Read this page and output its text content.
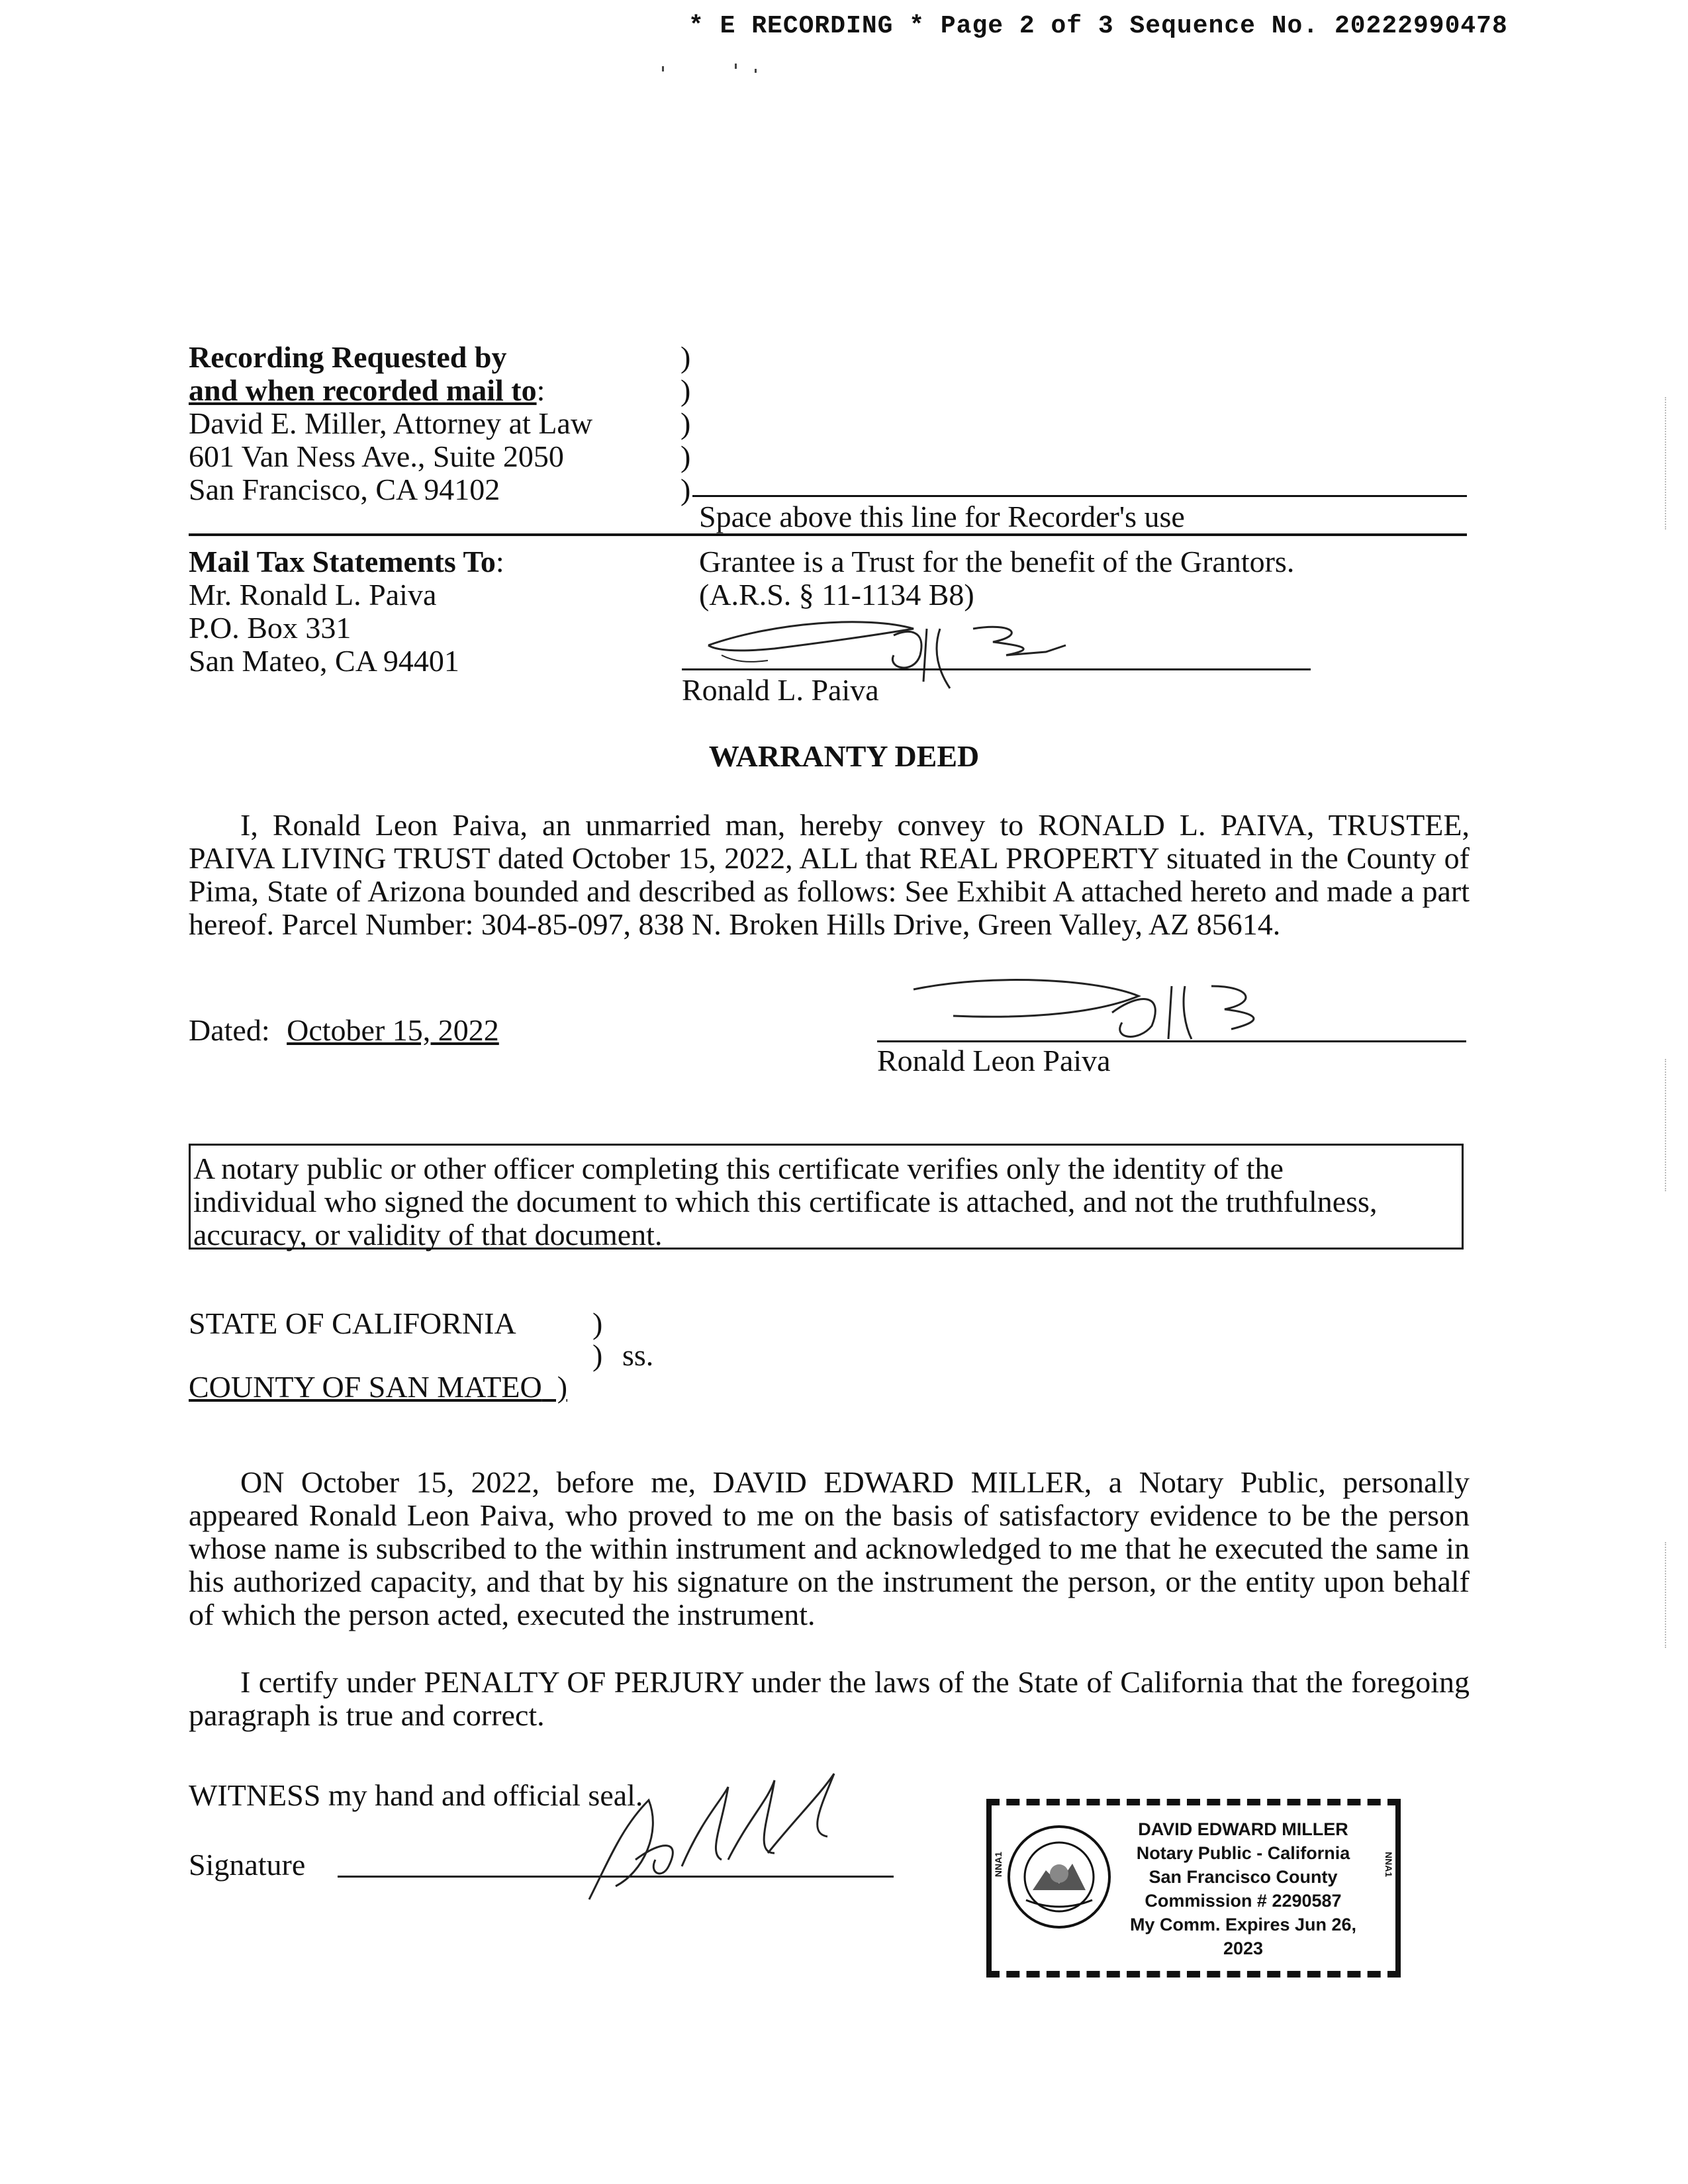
* E RECORDING * Page 2 of 3 Sequence No. 20222990478
Recording Requested by
and when recorded mail to:
David E. Miller, Attorney at Law
601 Van Ness Ave., Suite 2050
San Francisco, CA 94102
)
)
)
)
)
Space above this line for Recorder's use
Mail Tax Statements To:
Mr. Ronald L. Paiva
P.O. Box 331
San Mateo, CA 94401
Grantee is a Trust for the benefit of the Grantors.
(A.R.S. § 11-1134 B8)
Ronald L. Paiva
WARRANTY DEED
I, Ronald Leon Paiva, an unmarried man, hereby convey to RONALD L. PAIVA, TRUSTEE, PAIVA LIVING TRUST dated October 15, 2022, ALL that REAL PROPERTY situated in the County of Pima, State of Arizona bounded and described as follows: See Exhibit A attached hereto and made a part hereof. Parcel Number: 304-85-097, 838 N. Broken Hills Drive, Green Valley, AZ 85614.
Dated: October 15, 2022
Ronald Leon Paiva
A notary public or other officer completing this certificate verifies only the identity of the individual who signed the document to which this certificate is attached, and not the truthfulness, accuracy, or validity of that document.
STATE OF CALIFORNIA	)
) ss.
COUNTY OF SAN MATEO  )
ON October 15, 2022, before me, DAVID EDWARD MILLER, a Notary Public, personally appeared Ronald Leon Paiva, who proved to me on the basis of satisfactory evidence to be the person whose name is subscribed to the within instrument and acknowledged to me that he executed the same in his authorized capacity, and that by his signature on the instrument the person, or the entity upon behalf of which the person acted, executed the instrument.
I certify under PENALTY OF PERJURY under the laws of the State of California that the foregoing paragraph is true and correct.
WITNESS my hand and official seal.
Signature	NNA1	NNA1
DAVID EDWARD MILLER
Notary Public - California
San Francisco County
Commission # 2290587
My Comm. Expires Jun 26, 2023
